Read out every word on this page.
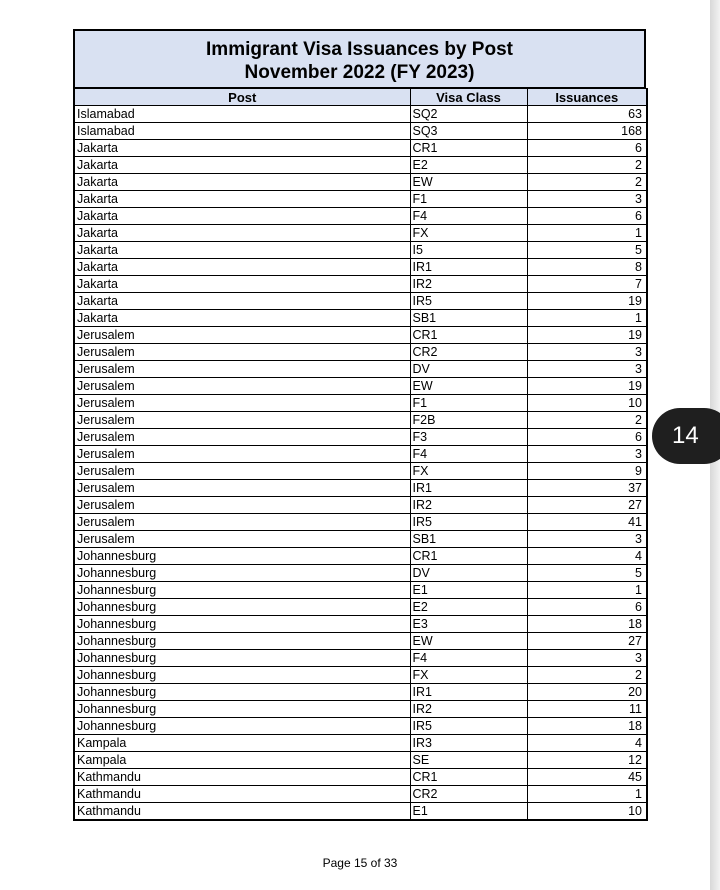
Immigrant Visa Issuances by Post
November 2022 (FY 2023)
Post	Visa Class	Issuances
Islamabad	SQ2	63
Islamabad	SQ3	168
Jakarta	CR1	6
Jakarta	E2	2
Jakarta	EW	2
Jakarta	F1	3
Jakarta	F4	6
Jakarta	FX	1
Jakarta	I5	5
Jakarta	IR1	8
Jakarta	IR2	7
Jakarta	IR5	19
Jakarta	SB1	1
Jerusalem	CR1	19
Jerusalem	CR2	3
Jerusalem	DV	3
Jerusalem	EW	19
Jerusalem	F1	10
Jerusalem	F2B	2
Jerusalem	F3	6
Jerusalem	F4	3
Jerusalem	FX	9
Jerusalem	IR1	37
Jerusalem	IR2	27
Jerusalem	IR5	41
Jerusalem	SB1	3
Johannesburg	CR1	4
Johannesburg	DV	5
Johannesburg	E1	1
Johannesburg	E2	6
Johannesburg	E3	18
Johannesburg	EW	27
Johannesburg	F4	3
Johannesburg	FX	2
Johannesburg	IR1	20
Johannesburg	IR2	11
Johannesburg	IR5	18
Kampala	IR3	4
Kampala	SE	12
Kathmandu	CR1	45
Kathmandu	CR2	1
Kathmandu	E1	10
Page 15 of 33
14
